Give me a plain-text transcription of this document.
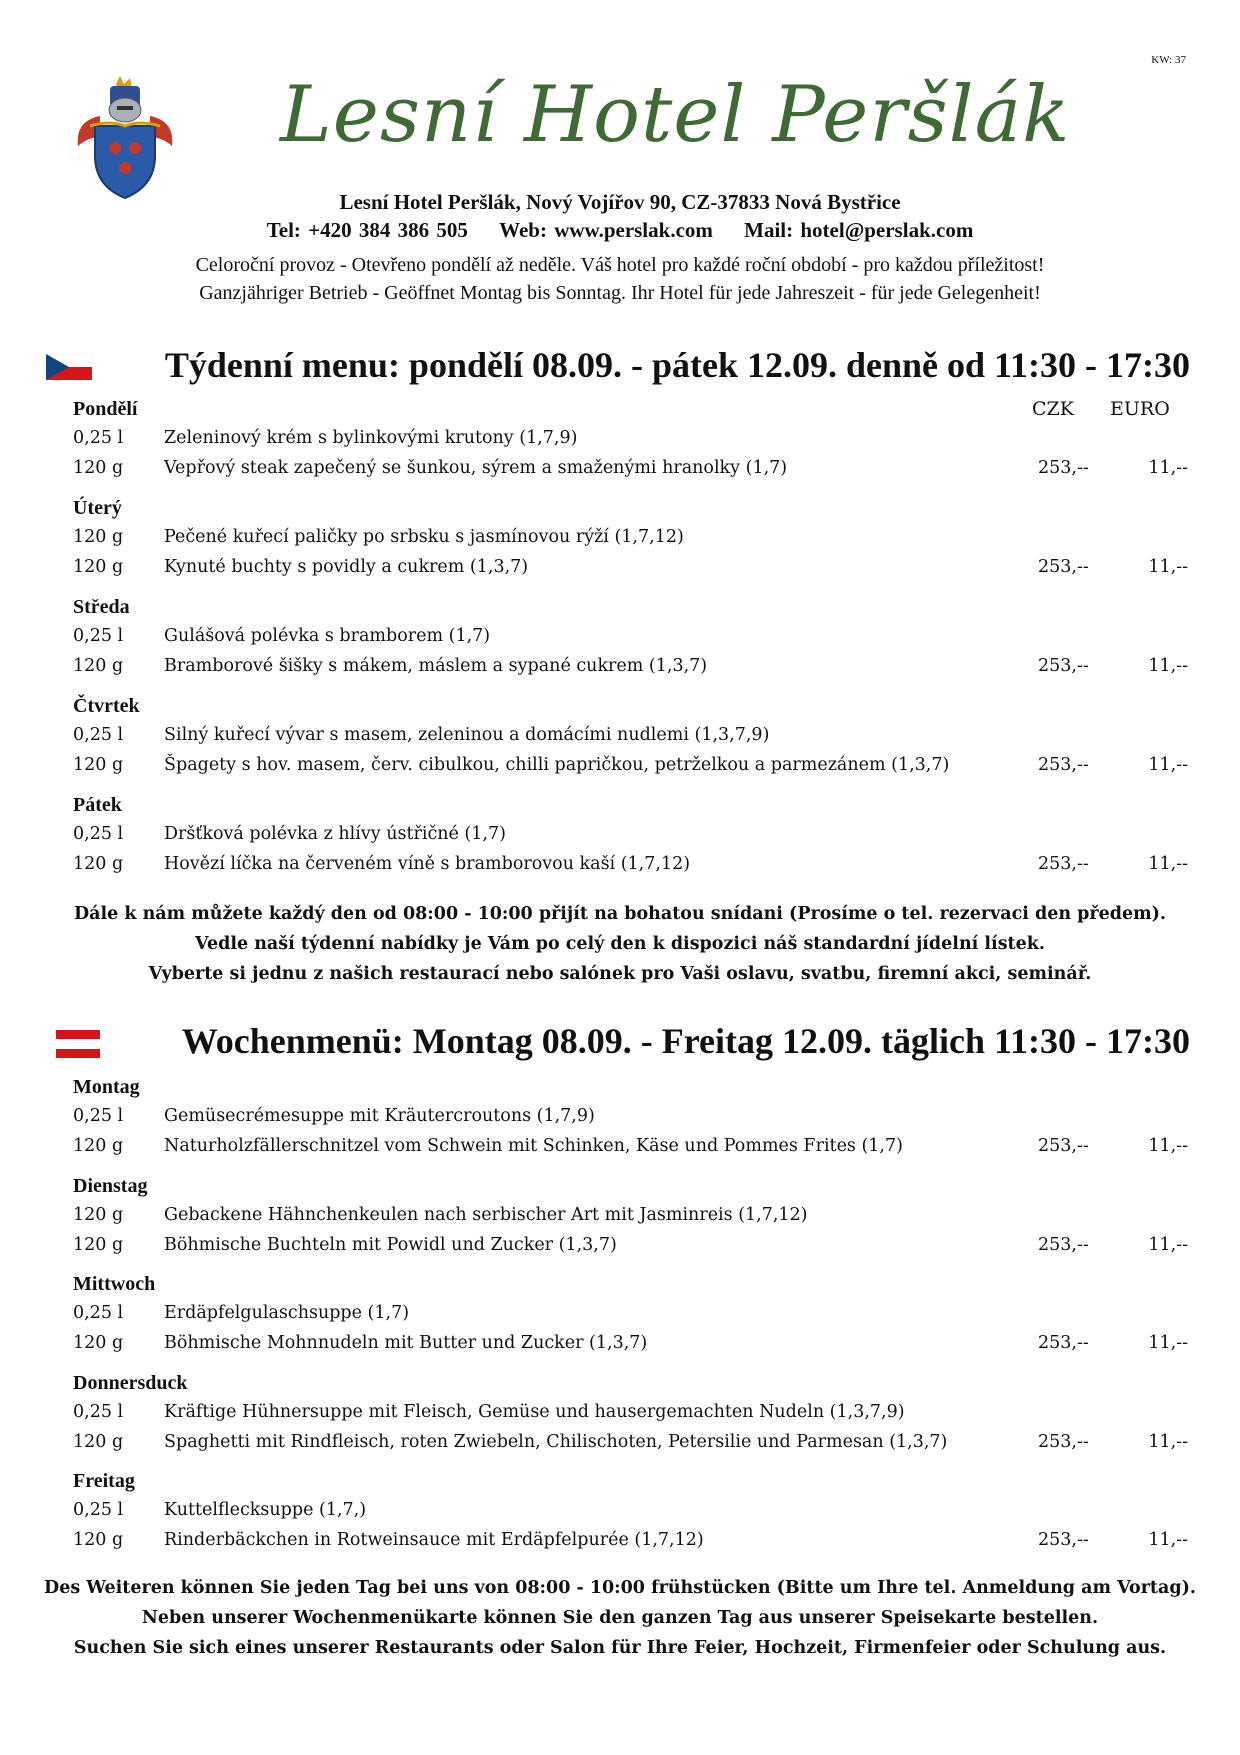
KW: 37
Lesní Hotel Peršlák
Lesní Hotel Peršlák, Nový Vojířov 90, CZ-37833 Nová Bystřice
Tel: +420 384 386 505 Web: www.perslak.com Mail: hotel@perslak.com
Celoroční provoz - Otevřeno pondělí až neděle. Váš hotel pro každé roční období - pro každou příležitost!
Ganzjähriger Betrieb - Geöffnet Montag bis Sonntag. Ihr Hotel für jede Jahreszeit - für jede Gelegenheit!
Týdenní menu: pondělí 08.09. - pátek 12.09. denně od 11:30 - 17:30
CZK EURO
Pondělí
0,25 l Zeleninový krém s bylinkovými krutony (1,7,9)
120 g Vepřový steak zapečený se šunkou, sýrem a smaženými hranolky (1,7)	253,--	11,--
Úterý
120 g Pečené kuřecí paličky po srbsku s jasmínovou rýží (1,7,12)
120 g Kynuté buchty s povidly a cukrem (1,3,7)	253,--	11,--
Středa
0,25 l Gulášová polévka s bramborem (1,7)
120 g Bramborové šišky s mákem, máslem a sypané cukrem (1,3,7)	253,--	11,--
Čtvrtek
0,25 l Silný kuřecí vývar s masem, zeleninou a domácími nudlemi (1,3,7,9)
120 g Špagety s hov. masem, červ. cibulkou, chilli papričkou, petrželkou a parmezánem (1,3,7)	253,--	11,--
Pátek
0,25 l Dršťková polévka z hlívy ústřičné (1,7)
120 g Hovězí líčka na červeném víně s bramborovou kaší (1,7,12)	253,--	11,--
Dále k nám můžete každý den od 08:00 - 10:00 přijít na bohatou snídani (Prosíme o tel. rezervaci den předem).
Vedle naší týdenní nabídky je Vám po celý den k dispozici náš standardní jídelní lístek.
Vyberte si jednu z našich restaurací nebo salónek pro Vaši oslavu, svatbu, firemní akci, seminář.
Wochenmenü: Montag 08.09. - Freitag 12.09. täglich 11:30 - 17:30
Montag
0,25 l Gemüsecrémesuppe mit Kräutercroutons (1,7,9)
120 g Naturholzfällerschnitzel vom Schwein mit Schinken, Käse und Pommes Frites (1,7)	253,--	11,--
Dienstag
120 g Gebackene Hähnchenkeulen nach serbischer Art mit Jasminreis (1,7,12)
120 g Böhmische Buchteln mit Powidl und Zucker (1,3,7)	253,--	11,--
Mittwoch
0,25 l Erdäpfelgulaschsuppe (1,7)
120 g Böhmische Mohnnudeln mit Butter und Zucker (1,3,7)	253,--	11,--
Donnersduck
0,25 l Kräftige Hühnersuppe mit Fleisch, Gemüse und hausergemachten Nudeln (1,3,7,9)
120 g Spaghetti mit Rindfleisch, roten Zwiebeln, Chilischoten, Petersilie und Parmesan (1,3,7)	253,--	11,--
Freitag
0,25 l Kuttelflecksuppe (1,7,)
120 g Rinderbäckchen in Rotweinsauce mit Erdäpfelpurée (1,7,12)	253,--	11,--
Des Weiteren können Sie jeden Tag bei uns von 08:00 - 10:00 frühstücken (Bitte um Ihre tel. Anmeldung am Vortag).
Neben unserer Wochenmenükarte können Sie den ganzen Tag aus unserer Speisekarte bestellen.
Suchen Sie sich eines unserer Restaurants oder Salon für Ihre Feier, Hochzeit, Firmenfeier oder Schulung aus.
